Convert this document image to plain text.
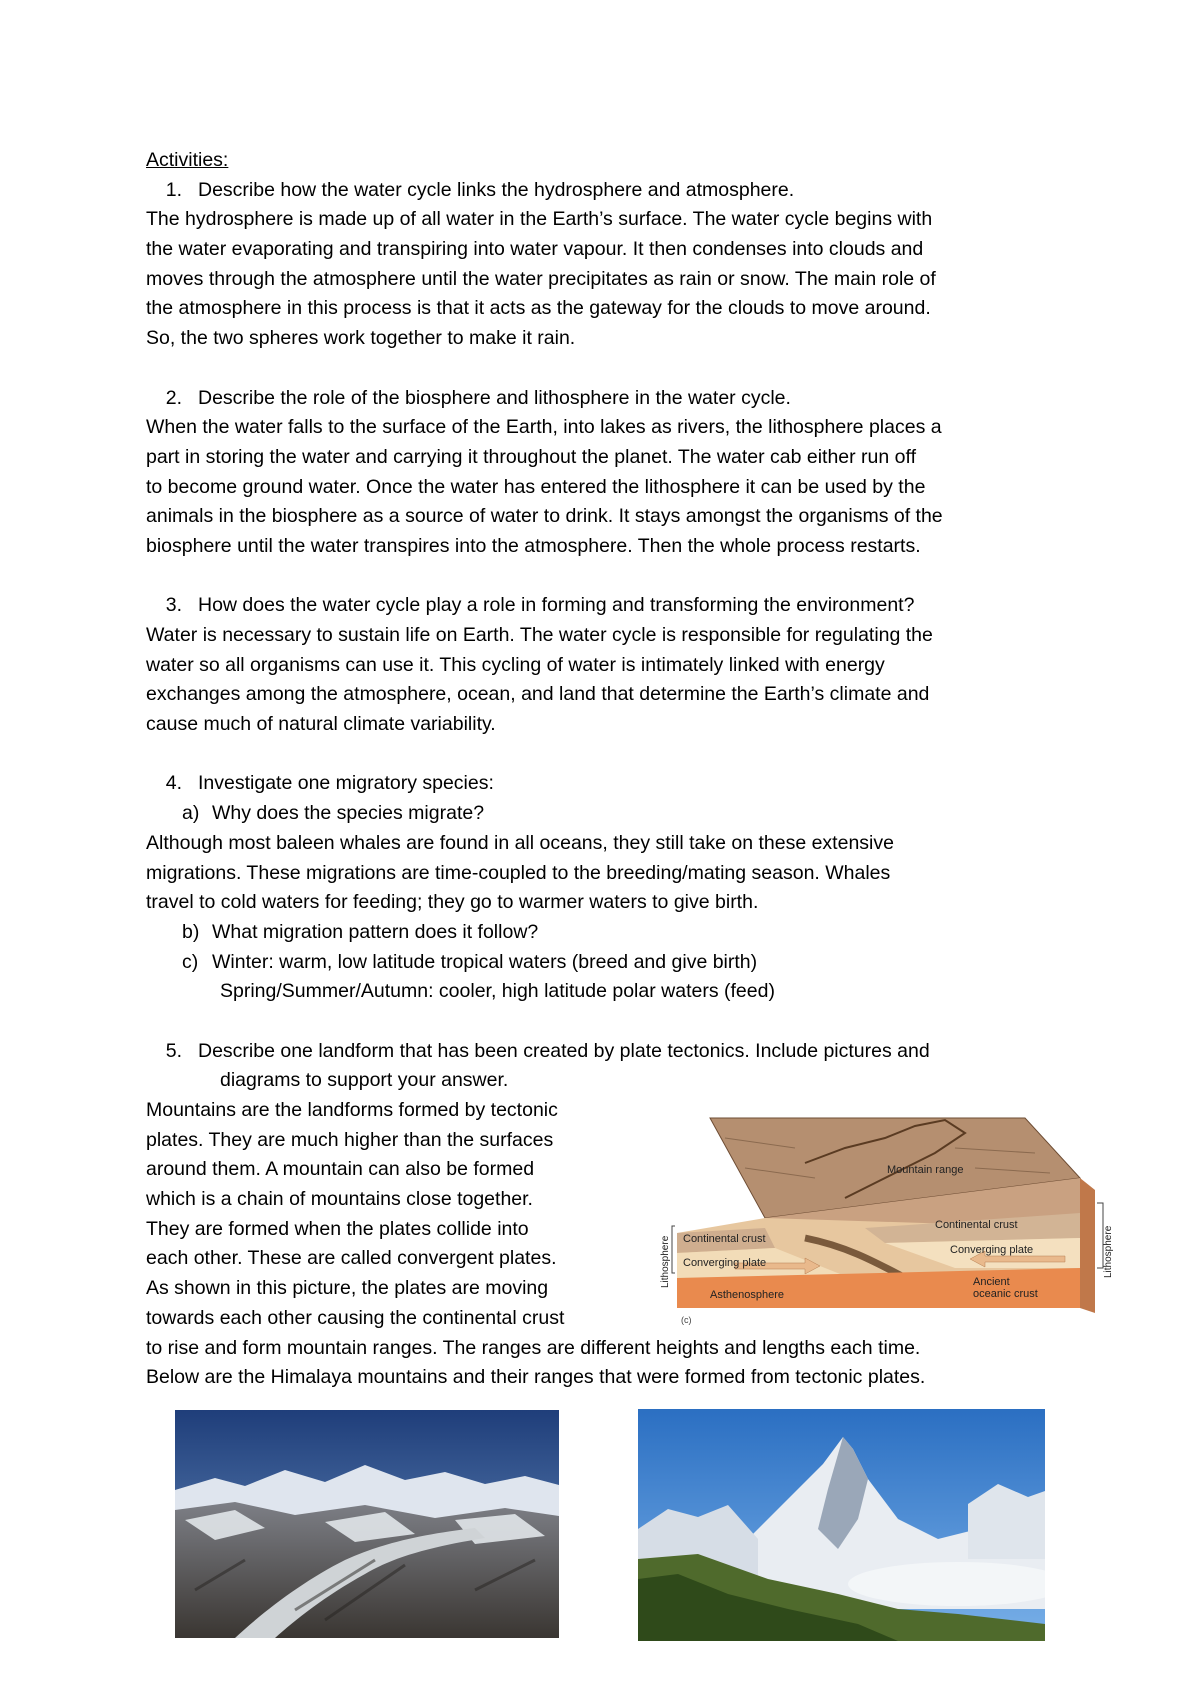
Activities:
1. Describe how the water cycle links the hydrosphere and atmosphere.
The hydrosphere is made up of all water in the Earth’s surface. The water cycle begins with
the water evaporating and transpiring into water vapour. It then condenses into clouds and
moves through the atmosphere until the water precipitates as rain or snow. The main role of
the atmosphere in this process is that it acts as the gateway for the clouds to move around.
So, the two spheres work together to make it rain.
2. Describe the role of the biosphere and lithosphere in the water cycle.
When the water falls to the surface of the Earth, into lakes as rivers, the lithosphere places a
part in storing the water and carrying it throughout the planet. The water cab either run off
to become ground water. Once the water has entered the lithosphere it can be used by the
animals in the biosphere as a source of water to drink. It stays amongst the organisms of the
biosphere until the water transpires into the atmosphere. Then the whole process restarts.
3. How does the water cycle play a role in forming and transforming the environment?
Water is necessary to sustain life on Earth. The water cycle is responsible for regulating the
water so all organisms can use it. This cycling of water is intimately linked with energy
exchanges among the atmosphere, ocean, and land that determine the Earth’s climate and
cause much of natural climate variability.
4. Investigate one migratory species:
a) Why does the species migrate?
Although most baleen whales are found in all oceans, they still take on these extensive
migrations. These migrations are time-coupled to the breeding/mating season. Whales
travel to cold waters for feeding; they go to warmer waters to give birth.
b) What migration pattern does it follow?
c) Winter: warm, low latitude tropical waters (breed and give birth)
Spring/Summer/Autumn: cooler, high latitude polar waters (feed)
5. Describe one landform that has been created by plate tectonics. Include pictures and
diagrams to support your answer.
Mountains are the landforms formed by tectonic
plates. They are much higher than the surfaces
around them. A mountain can also be formed
which is a chain of mountains close together.
They are formed when the plates collide into
each other. These are called convergent plates.
As shown in this picture, the plates are moving
towards each other causing the continental crust
to rise and form mountain ranges. The ranges are different heights and lengths each time.
Below are the Himalaya mountains and their ranges that were formed from tectonic plates.
Mountain range
Continental crust
Converging plate
Continental crust
Converging plate
Ancient
oceanic crust
Asthenosphere
Lithosphere	Lithosphere
(c)
